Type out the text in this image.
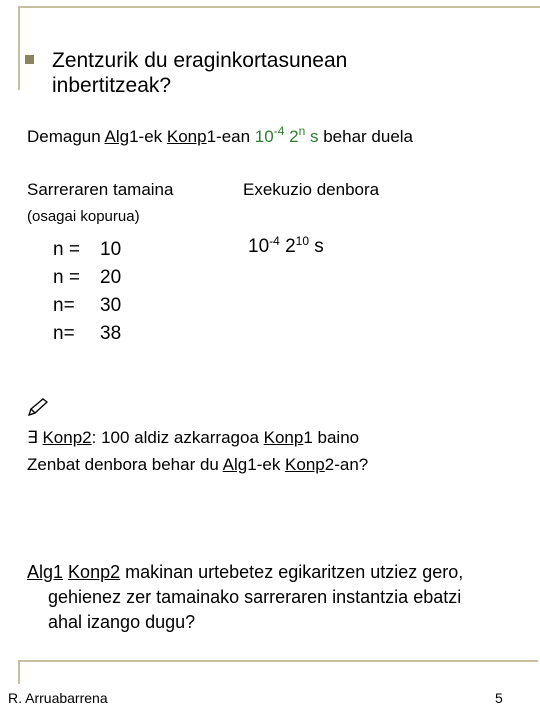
Zentzurik du eraginkortasunean
inbertitzeak?
Demagun Alg1-ek Konp1-ean $10^{-4}$ 2$^n$ s behar duela
Sarreraren tamaina	Exekuzio denbora
(osagai kopurua)
n =
n =
n=
n=
10
20
30
38
$10^{-4}$ $2^{10}$ s
∃ Konp2: 100 aldiz azkarragoa Konp1 baino
Zenbat denbora behar du Alg1-ek Konp2-an?
Alg1 Konp2 makinan urtebetez egikaritzen utziez gero,
gehienez zer tamainako sarreraren instantzia ebatzi
ahal izango dugu?
R. Arruabarrena	5
